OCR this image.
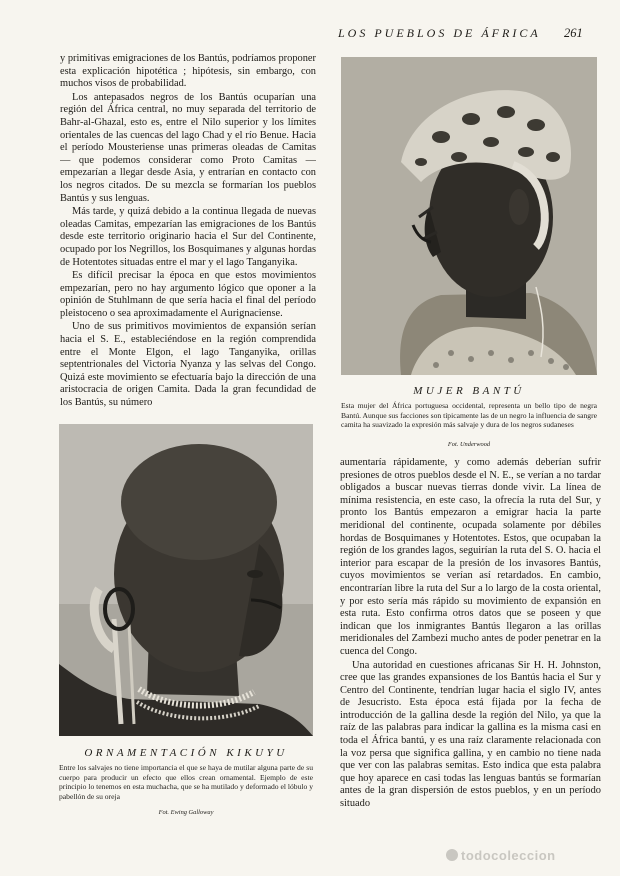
LOS PUEBLOS DE ÁFRICA 261

y primitivas emigraciones de los Bantús, podríamos proponer esta explicación hipotética ; hipótesis, sin embargo, con muchos visos de probabilidad.

Los antepasados negros de los Bantús ocuparían una región del África central, no muy separada del territorio de Bahr-al-Ghazal, esto es, entre el Nilo superior y los límites orientales de las cuencas del lago Chad y el río Benue. Hacia el período Mousteriense unas primeras oleadas de Camitas — que podemos considerar como Proto Camitas — empezarían a llegar desde Asia, y entrarían en contacto con los negros citados. De su mezcla se formarían los pueblos Bantús y sus lenguas.

Más tarde, y quizá debido a la continua llegada de nuevas oleadas Camitas, empezarían las emigraciones de los Bantús desde este territorio originario hacia el Sur del Continente, ocupado por los Negrillos, los Bosquimanes y algunas hordas de Hotentotes situadas entre el mar y el lago Tanganyika.

Es difícil precisar la época en que estos movimientos empezarían, pero no hay argumento lógico que oponer a la opinión de Stuhlmann de que sería hacia el final del período pleistoceno o sea aproximadamente el Aurignaciense.

Uno de sus primitivos movimientos de expansión serían hacia el S. E., estableciéndose en la región comprendida entre el Monte Elgon, el lago Tanganyika, orillas septentrionales del Victoria Nyanza y las selvas del Congo. Quizá este movimiento se efectuaría bajo la dirección de una aristocracia de origen Camita. Dada la gran fecundidad de los Bantús, su número

MUJER BANTÚ
Esta mujer del África portuguesa occidental, representa un bello tipo de negra Bantú. Aunque sus facciones son típicamente las de un negro la influencia de sangre camita ha suavizado la expresión más salvaje y dura de los negros sudaneses
Fot. Underwood
ORNAMENTACIÓN KIKUYU
Entre los salvajes no tiene importancia el que se haya de mutilar alguna parte de su cuerpo para producir un efecto que ellos crean ornamental. Ejemplo de este principio lo tenemos en esta muchacha, que se ha mutilado y deformado el lóbulo y pabellón de su oreja
Fot. Ewing Galloway

aumentaría rápidamente, y como además deberían sufrir presiones de otros pueblos desde el N. E., se verían a no tardar obligados a buscar nuevas tierras donde vivir. La línea de mínima resistencia, en este caso, la ofrecía la ruta del Sur, y pronto los Bantús empezaron a emigrar hacia la parte meridional del continente, ocupada solamente por débiles hordas de Bosquimanes y Hotentotes. Estos, que ocupaban la región de los grandes lagos, seguirían la ruta del S. O. hacia el interior para escapar de la presión de los invasores Bantús, cuyos movimientos se verían así retardados. En cambio, encontrarían libre la ruta del Sur a lo largo de la costa oriental, y por esto sería más rápido su movimiento de expansión en esta ruta. Esto confirma otros datos que se poseen y que indican que los inmigrantes Bantús llegaron a las orillas meridionales del Zambezi mucho antes de poder penetrar en la cuenca del Congo.

Una autoridad en cuestiones africanas Sir H. H. Johnston, cree que las grandes expansiones de los Bantús hacia el Sur y Centro del Continente, tendrían lugar hacia el siglo IV, antes de Jesucristo. Esta época está fijada por la fecha de introducción de la gallina desde la región del Nilo, ya que la raíz de las palabras para indicar la gallina es la misma casi en toda el África bantú, y es una raíz claramente relacionada con la voz persa que significa gallina, y en cambio no tiene nada que ver con las palabras semitas. Esto indica que esta palabra que hoy aparece en casi todas las lenguas bantús se formarían antes de la gran dispersión de estos pueblos, y en un período situado

todocoleccion
